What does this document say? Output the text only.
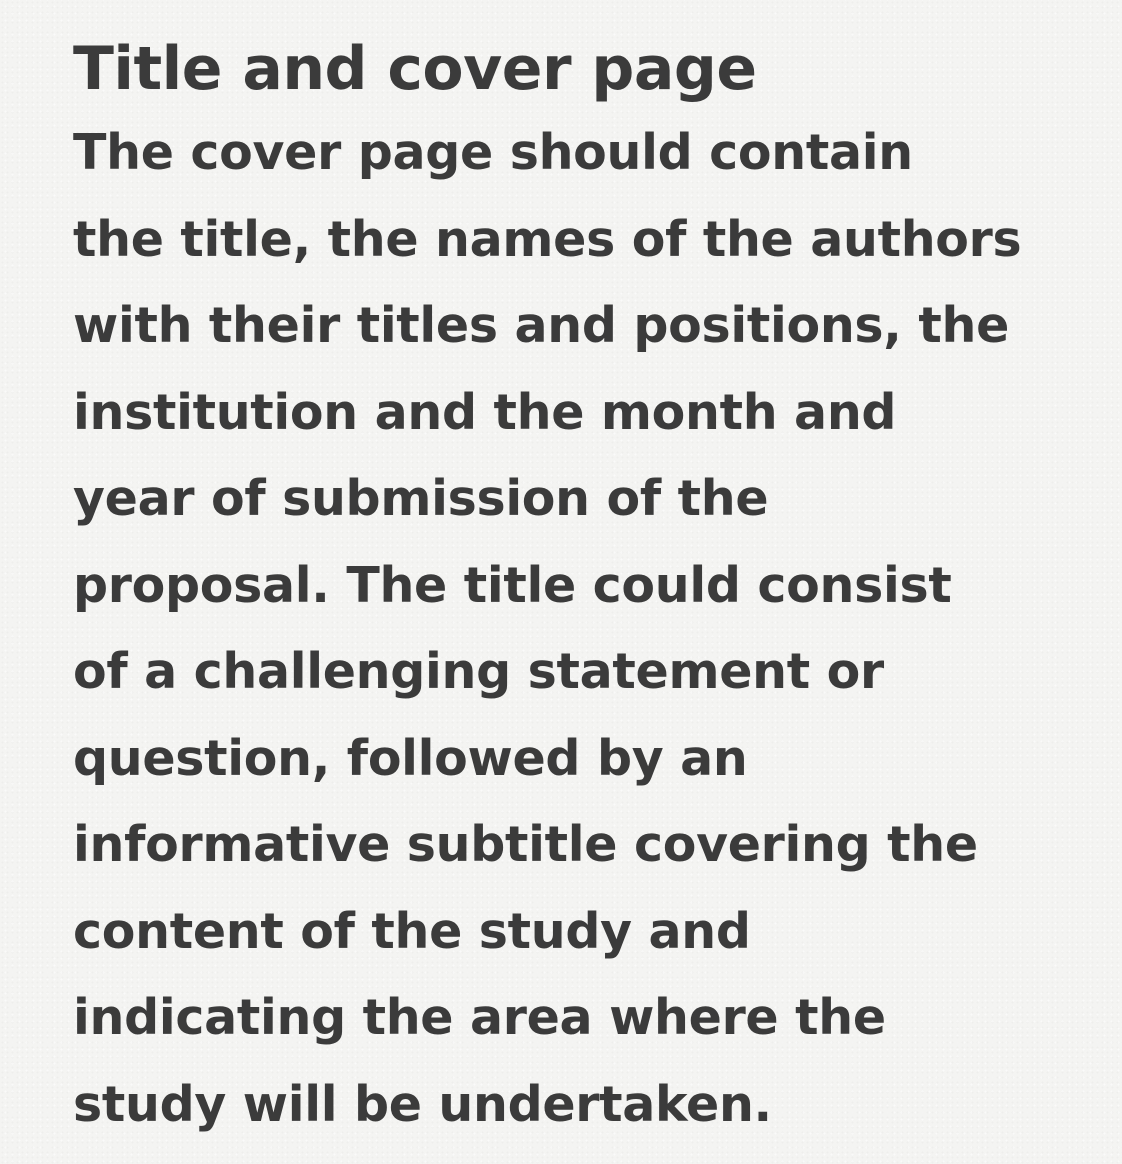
Title and cover page
The cover page should contain
the title, the names of the authors
with their titles and positions, the
institution and the month and
year of submission of the
proposal. The title could consist
of a challenging statement or
question, followed by an
informative subtitle covering the
content of the study and
indicating the area where the
study will be undertaken.
